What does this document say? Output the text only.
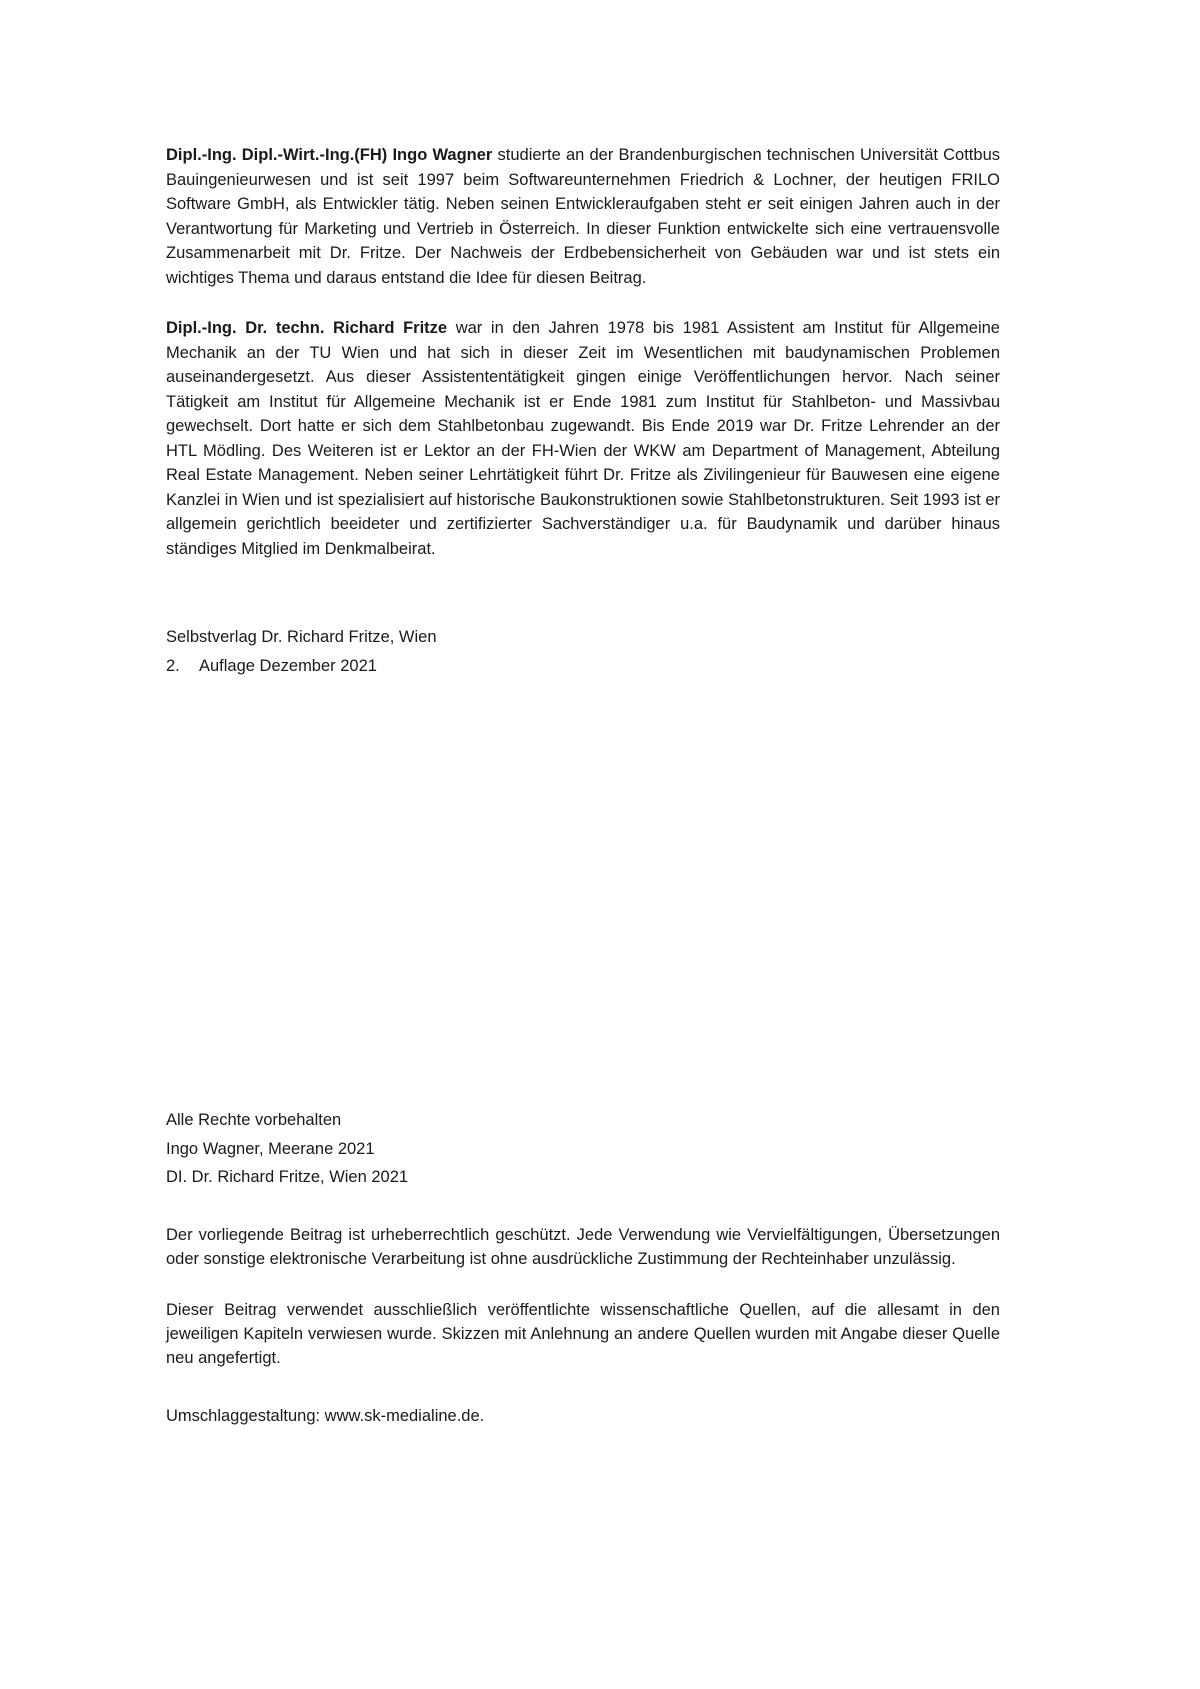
Dipl.-Ing. Dipl.-Wirt.-Ing.(FH) Ingo Wagner studierte an der Brandenburgischen technischen Universität Cottbus Bauingenieurwesen und ist seit 1997 beim Softwareunternehmen Friedrich & Lochner, der heutigen FRILO Software GmbH, als Entwickler tätig. Neben seinen Entwickleraufgaben steht er seit einigen Jahren auch in der Verantwortung für Marketing und Vertrieb in Österreich. In dieser Funktion entwickelte sich eine vertrauensvolle Zusammenarbeit mit Dr. Fritze. Der Nachweis der Erdbebensicherheit von Gebäuden war und ist stets ein wichtiges Thema und daraus entstand die Idee für diesen Beitrag.

Dipl.-Ing. Dr. techn. Richard Fritze war in den Jahren 1978 bis 1981 Assistent am Institut für Allgemeine Mechanik an der TU Wien und hat sich in dieser Zeit im Wesentlichen mit baudynamischen Problemen auseinandergesetzt. Aus dieser Assistententätigkeit gingen einige Veröffentlichungen hervor. Nach seiner Tätigkeit am Institut für Allgemeine Mechanik ist er Ende 1981 zum Institut für Stahlbeton- und Massivbau gewechselt. Dort hatte er sich dem Stahlbetonbau zugewandt. Bis Ende 2019 war Dr. Fritze Lehrender an der HTL Mödling. Des Weiteren ist er Lektor an der FH-Wien der WKW am Department of Management, Abteilung Real Estate Management. Neben seiner Lehrtätigkeit führt Dr. Fritze als Zivilingenieur für Bauwesen eine eigene Kanzlei in Wien und ist spezialisiert auf historische Baukonstruktionen sowie Stahlbetonstrukturen. Seit 1993 ist er allgemein gerichtlich beeideter und zertifizierter Sachverständiger u.a. für Baudynamik und darüber hinaus ständiges Mitglied im Denkmalbeirat.

Selbstverlag Dr. Richard Fritze, Wien
2. Auflage Dezember 2021
Alle Rechte vorbehalten
Ingo Wagner, Meerane 2021
DI. Dr. Richard Fritze, Wien 2021

Der vorliegende Beitrag ist urheberrechtlich geschützt. Jede Verwendung wie Vervielfältigungen, Übersetzungen oder sonstige elektronische Verarbeitung ist ohne ausdrückliche Zustimmung der Rechteinhaber unzulässig.

Dieser Beitrag verwendet ausschließlich veröffentlichte wissenschaftliche Quellen, auf die allesamt in den jeweiligen Kapiteln verwiesen wurde. Skizzen mit Anlehnung an andere Quellen wurden mit Angabe dieser Quelle neu angefertigt.

Umschlaggestaltung: www.sk-medialine.de.
